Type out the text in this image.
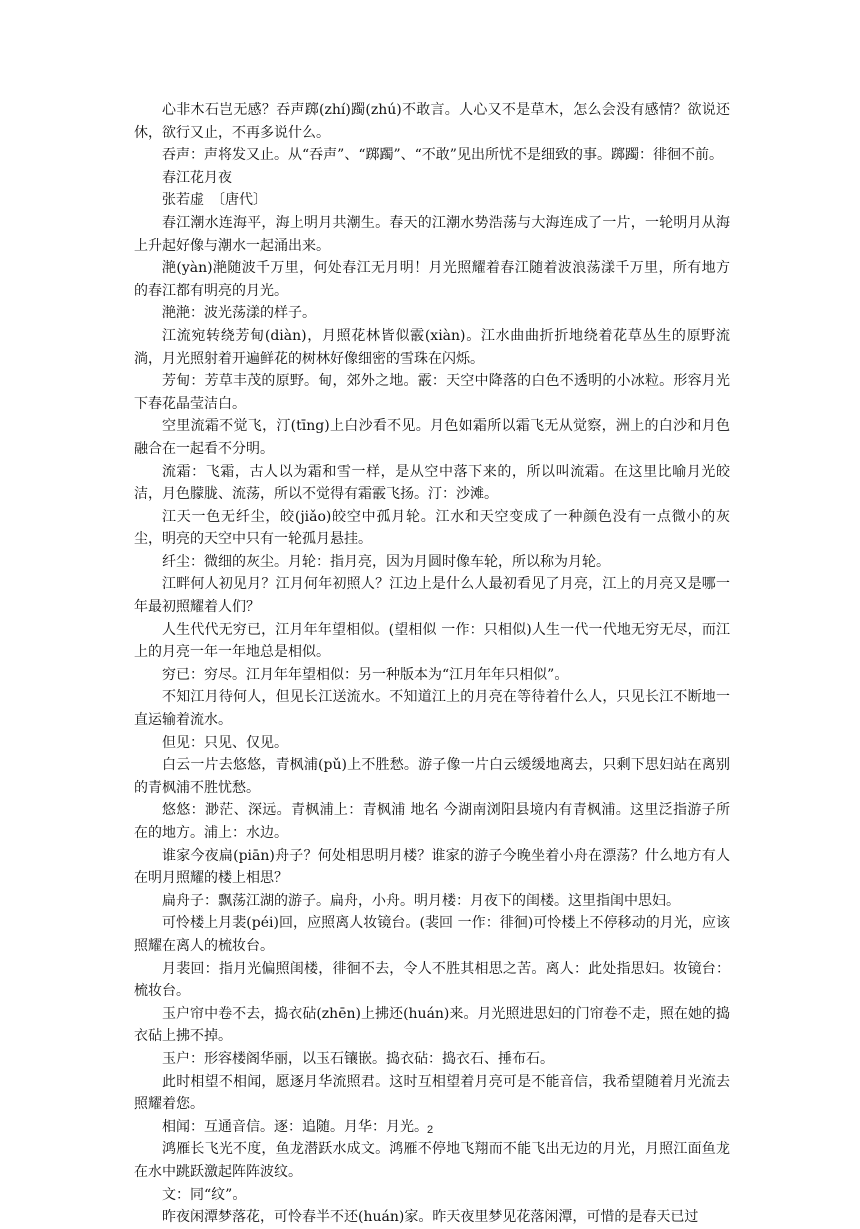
心非木石岂无感？吞声踯(zhí)躅(zhú)不敢言。人心又不是草木，怎么会没有感情？欲说还休，欲行又止，不再多说什么。

吞声：声将发又止。从“吞声”、“踯躅”、“不敢”见出所忧不是细致的事。踯躅：徘徊不前。

春江花月夜

张若虚　〔唐代〕

春江潮水连海平，海上明月共潮生。春天的江潮水势浩荡与大海连成了一片，一轮明月从海上升起好像与潮水一起涌出来。

滟(yàn)滟随波千万里，何处春江无月明！月光照耀着春江随着波浪荡漾千万里，所有地方的春江都有明亮的月光。

滟滟：波光荡漾的样子。

江流宛转绕芳甸(diàn)，月照花林皆似霰(xiàn)。江水曲曲折折地绕着花草丛生的原野流淌，月光照射着开遍鲜花的树林好像细密的雪珠在闪烁。

芳甸：芳草丰茂的原野。甸，郊外之地。霰：天空中降落的白色不透明的小冰粒。形容月光下春花晶莹洁白。

空里流霜不觉飞，汀(tīng)上白沙看不见。月色如霜所以霜飞无从觉察，洲上的白沙和月色融合在一起看不分明。

流霜：飞霜，古人以为霜和雪一样，是从空中落下来的，所以叫流霜。在这里比喻月光皎洁，月色朦胧、流荡，所以不觉得有霜霰飞扬。汀：沙滩。

江天一色无纤尘，皎(jiǎo)皎空中孤月轮。江水和天空变成了一种颜色没有一点微小的灰尘，明亮的天空中只有一轮孤月悬挂。

纤尘：微细的灰尘。月轮：指月亮，因为月圆时像车轮，所以称为月轮。

江畔何人初见月？江月何年初照人？江边上是什么人最初看见了月亮，江上的月亮又是哪一年最初照耀着人们？

人生代代无穷已，江月年年望相似。(望相似 一作：只相似)人生一代一代地无穷无尽，而江上的月亮一年一年地总是相似。

穷已：穷尽。江月年年望相似：另一种版本为“江月年年只相似”。

不知江月待何人，但见长江送流水。不知道江上的月亮在等待着什么人，只见长江不断地一直运输着流水。

但见：只见、仅见。

白云一片去悠悠，青枫浦(pǔ)上不胜愁。游子像一片白云缓缓地离去，只剩下思妇站在离别的青枫浦不胜忧愁。

悠悠：渺茫、深远。青枫浦上：青枫浦 地名 今湖南浏阳县境内有青枫浦。这里泛指游子所在的地方。浦上：水边。

谁家今夜扁(piān)舟子？何处相思明月楼？谁家的游子今晚坐着小舟在漂荡？什么地方有人在明月照耀的楼上相思？

扁舟子：飘荡江湖的游子。扁舟，小舟。明月楼：月夜下的闺楼。这里指闺中思妇。

可怜楼上月裴(péi)回，应照离人妆镜台。(裴回 一作：徘徊)可怜楼上不停移动的月光，应该照耀在离人的梳妆台。

月裴回：指月光偏照闺楼，徘徊不去，令人不胜其相思之苦。离人：此处指思妇。妆镜台：梳妆台。

玉户帘中卷不去，捣衣砧(zhēn)上拂还(huán)来。月光照进思妇的门帘卷不走，照在她的捣衣砧上拂不掉。

玉户：形容楼阁华丽，以玉石镶嵌。捣衣砧：捣衣石、捶布石。

此时相望不相闻，愿逐月华流照君。这时互相望着月亮可是不能音信，我希望随着月光流去照耀着您。

相闻：互通音信。逐：追随。月华：月光。

鸿雁长飞光不度，鱼龙潜跃水成文。鸿雁不停地飞翔而不能飞出无边的月光，月照江面鱼龙在水中跳跃激起阵阵波纹。

文：同“纹”。

昨夜闲潭梦落花，可怜春半不还(huán)家。昨天夜里梦见花落闲潭，可惜的是春天已过

2
